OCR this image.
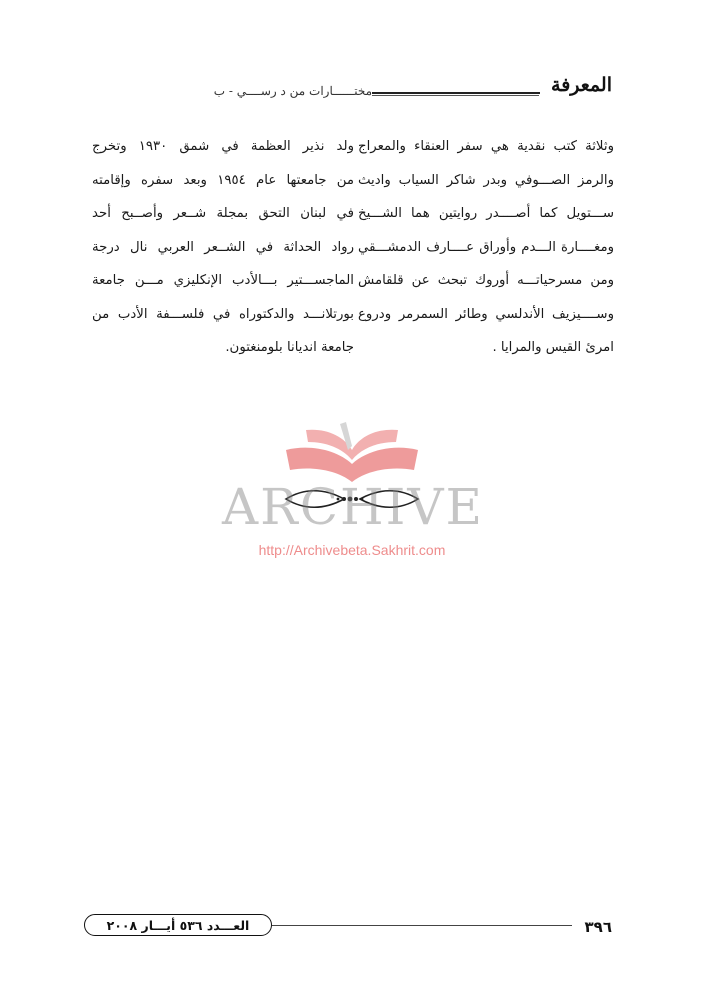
مختــــــارات من د رســــي - ب	المعرفة

وثلاثة كتب نقدية هي سفر العنقاء والمعراج
والرمز الصـــوفي وبدر شاكر السياب واديث
ســـتويل كما أصــــدر روايتين هما الشـــيخ
ومغــــارة الـــدم وأوراق عــــارف الدمشـــقي
ومن مسرحياتـــه أوروك تبحث عن قلقامش
وســــيزيف الأندلسي وطائر السمرمر ودروع
امرئ القيس والمرايا .

ولد نذير العظمة في شمق ١٩٣٠ وتخرج
من جامعتها عام ١٩٥٤ وبعد سفره وإقامته
في لبنان التحق بمجلة شــعر وأصــبح أحد
رواد الحداثة في الشــعر العربي نال درجة
الماجســـتير بـــالأدب الإنكليزي مـــن جامعة
بورتلانـــد والدكتوراه في فلســـفة الأدب من
جامعة انديانا بلومنغتون.

ARCHIVE
http://Archivebeta.Sakhrit.com
العـــدد ٥٣٦ أيـــار ٢٠٠٨	٣٩٦
